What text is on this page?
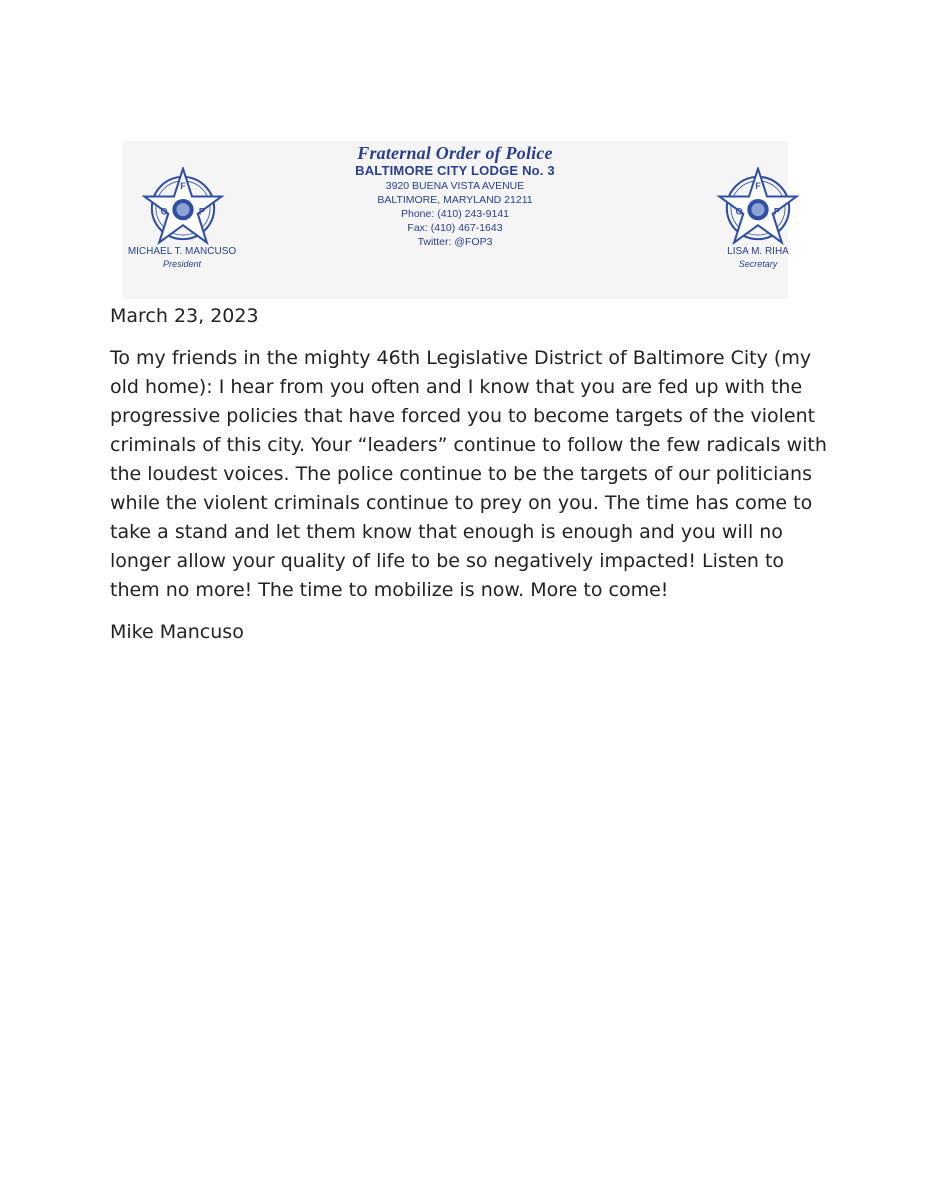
F
O	P
F
O	P
MICHAEL T. MANCUSO
President
LISA M. RIHA
Secretary
Fraternal Order of Police
BALTIMORE CITY LODGE No. 3
3920 BUENA VISTA AVENUE
BALTIMORE, MARYLAND 21211
Phone: (410) 243-9141
Fax: (410) 467-1643
Twitter: @FOP3

March 23, 2023

To my friends in the mighty 46th Legislative District of Baltimore City (my old home): I hear from you often and I know that you are fed up with the progressive policies that have forced you to become targets of the violent criminals of this city. Your “leaders” continue to follow the few radicals with the loudest voices. The police continue to be the targets of our politicians while the violent criminals continue to prey on you. The time has come to take a stand and let them know that enough is enough and you will no longer allow your quality of life to be so negatively impacted! Listen to them no more! The time to mobilize is now. More to come!

Mike Mancuso
